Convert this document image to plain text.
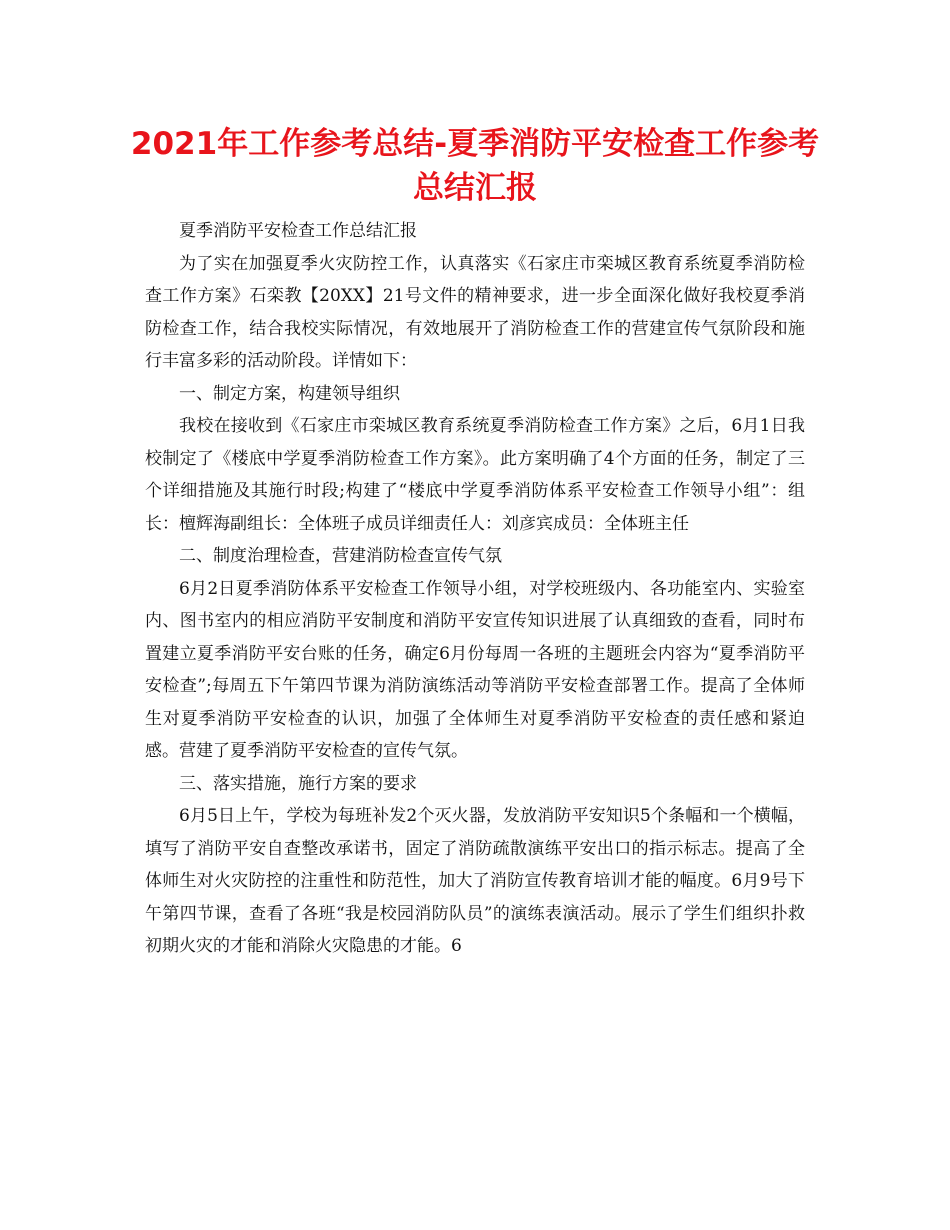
2021年工作参考总结-夏季消防平安检查工作参考总结汇报

夏季消防平安检查工作总结汇报

为了实在加强夏季火灾防控工作，认真落实《石家庄市栾城区教育系统夏季消防检查工作方案》石栾教【20XX】21号文件的精神要求，进一步全面深化做好我校夏季消防检查工作，结合我校实际情况，有效地展开了消防检查工作的营建宣传气氛阶段和施行丰富多彩的活动阶段。详情如下：

一、制定方案，构建领导组织

我校在接收到《石家庄市栾城区教育系统夏季消防检查工作方案》之后，6月1日我校制定了《楼底中学夏季消防检查工作方案》。此方案明确了4个方面的任务，制定了三个详细措施及其施行时段;构建了“楼底中学夏季消防体系平安检查工作领导小组”：组长：檀辉海副组长：全体班子成员详细责任人：刘彦宾成员：全体班主任

二、制度治理检查，营建消防检查宣传气氛

6月2日夏季消防体系平安检查工作领导小组，对学校班级内、各功能室内、实验室内、图书室内的相应消防平安制度和消防平安宣传知识进展了认真细致的查看，同时布置建立夏季消防平安台账的任务，确定6月份每周一各班的主题班会内容为“夏季消防平安检查”;每周五下午第四节课为消防演练活动等消防平安检查部署工作。提高了全体师生对夏季消防平安检查的认识，加强了全体师生对夏季消防平安检查的责任感和紧迫感。营建了夏季消防平安检查的宣传气氛。

三、落实措施，施行方案的要求

6月5日上午，学校为每班补发2个灭火器，发放消防平安知识5个条幅和一个横幅，填写了消防平安自查整改承诺书，固定了消防疏散演练平安出口的指示标志。提高了全体师生对火灾防控的注重性和防范性，加大了消防宣传教育培训才能的幅度。6月9号下午第四节课，查看了各班“我是校园消防队员”的演练表演活动。展示了学生们组织扑救初期火灾的才能和消除火灾隐患的才能。6
